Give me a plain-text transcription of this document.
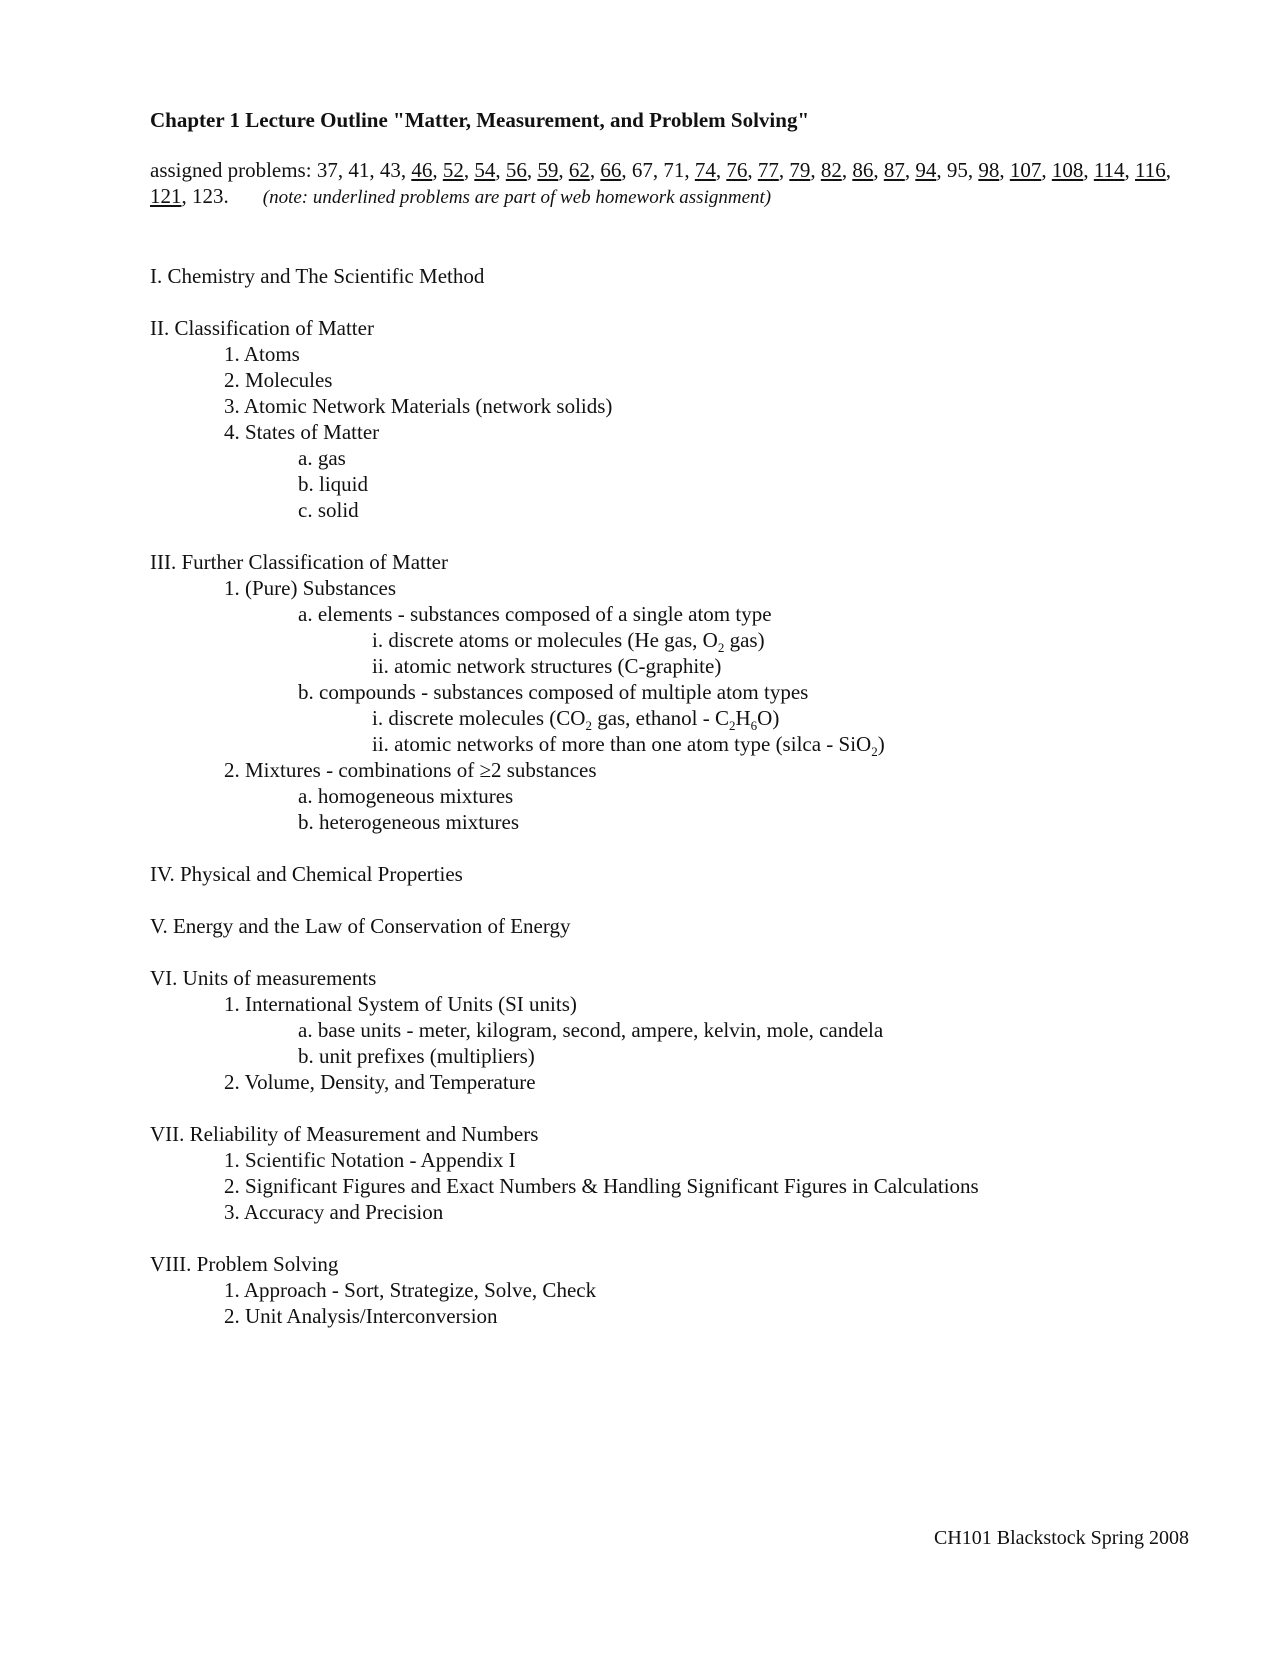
Chapter 1 Lecture Outline "Matter, Measurement, and Problem Solving"
assigned problems: 37, 41, 43, 46, 52, 54, 56, 59, 62, 66, 67, 71, 74, 76, 77, 79, 82, 86, 87, 94, 95, 98, 107, 108, 114, 116, 121, 123. (note: underlined problems are part of web homework assignment)
I. Chemistry and The Scientific Method
II. Classification of Matter
1. Atoms
2. Molecules
3. Atomic Network Materials (network solids)
4. States of Matter
a. gas
b. liquid
c. solid
III. Further Classification of Matter
1. (Pure) Substances
a. elements - substances composed of a single atom type
i. discrete atoms or molecules (He gas, $O_2$ gas)
ii. atomic network structures (C-graphite)
b. compounds - substances composed of multiple atom types
i. discrete molecules ($CO_2$ gas, ethanol - $C_2H_6O$)
ii. atomic networks of more than one atom type (silca - SiO$_2$)
2. Mixtures - combinations of ≥2 substances
a. homogeneous mixtures
b. heterogeneous mixtures
IV. Physical and Chemical Properties
V. Energy and the Law of Conservation of Energy
VI. Units of measurements
1. International System of Units (SI units)
a. base units - meter, kilogram, second, ampere, kelvin, mole, candela
b. unit prefixes (multipliers)
2. Volume, Density, and Temperature
VII. Reliability of Measurement and Numbers
1. Scientific Notation - Appendix I
2. Significant Figures and Exact Numbers & Handling Significant Figures in Calculations
3. Accuracy and Precision
VIII. Problem Solving
1. Approach - Sort, Strategize, Solve, Check
2. Unit Analysis/Interconversion
CH101 Blackstock Spring 2008
